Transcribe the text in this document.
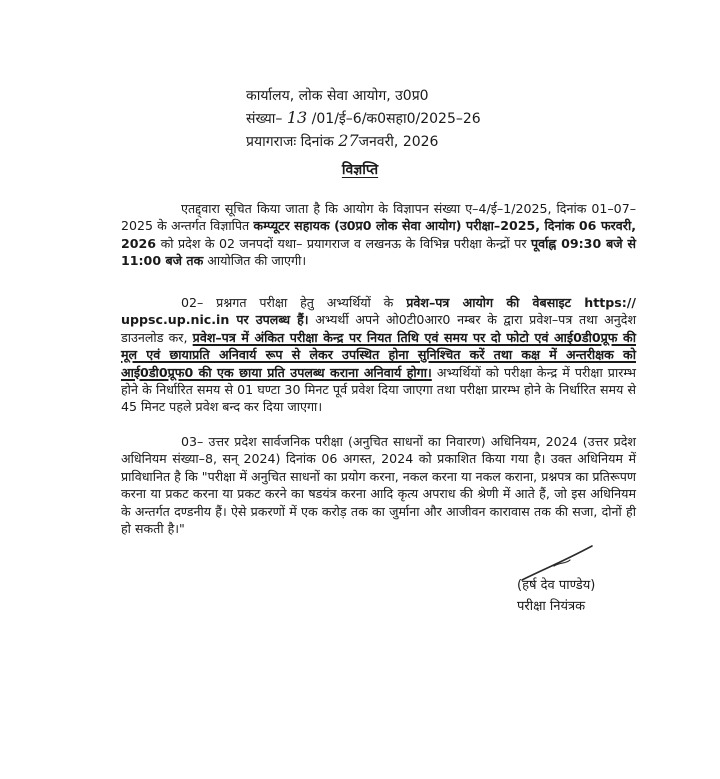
कार्यालय, लोक सेवा आयोग, उ0प्र0
संख्या– 13 /01/ई–6/क0सहा0/2025–26
प्रयागराजः दिनांक 27जनवरी, 2026
विज्ञप्ति
एतद्द्वारा सूचित किया जाता है कि आयोग के विज्ञापन संख्या ए–4/ई–1/2025, दिनांक 01–07–2025 के अन्तर्गत विज्ञापित कम्प्यूटर सहायक (उ0प्र0 लोक सेवा आयोग) परीक्षा–2025, दिनांक 06 फरवरी, 2026 को प्रदेश के 02 जनपदों यथा– प्रयागराज व लखनऊ के विभिन्न परीक्षा केन्द्रों पर पूर्वाह्न 09:30 बजे से 11:00 बजे तक आयोजित की जाएगी।
02– प्रश्नगत परीक्षा हेतु अभ्यर्थियों के प्रवेश–पत्र आयोग की वेबसाइट https:// uppsc.up.nic.in पर उपलब्ध हैं। अभ्यर्थी अपने ओ0टी0आर0 नम्बर के द्वारा प्रवेश–पत्र तथा अनुदेश डाउनलोड कर, प्रवेश–पत्र में अंकित परीक्षा केन्द्र पर नियत तिथि एवं समय पर दो फोटो एवं आई0डी0प्रूफ की मूल एवं छायाप्रति अनिवार्य रूप से लेकर उपस्थित होना सुनिश्चित करें तथा कक्ष में अन्तरीक्षक को आई0डी0प्रूफ0 की एक छाया प्रति उपलब्ध कराना अनिवार्य होगा। अभ्यर्थियों को परीक्षा केन्द्र में परीक्षा प्रारम्भ होने के निर्धारित समय से 01 घण्टा 30 मिनट पूर्व प्रवेश दिया जाएगा तथा परीक्षा प्रारम्भ होने के निर्धारित समय से 45 मिनट पहले प्रवेश बन्द कर दिया जाएगा।
03– उत्तर प्रदेश सार्वजनिक परीक्षा (अनुचित साधनों का निवारण) अधिनियम, 2024 (उत्तर प्रदेश अधिनियम संख्या–8, सन् 2024) दिनांक 06 अगस्त, 2024 को प्रकाशित किया गया है। उक्त अधिनियम में प्राविधानित है कि "परीक्षा में अनुचित साधनों का प्रयोग करना, नकल करना या नकल कराना, प्रश्नपत्र का प्रतिरूपण करना या प्रकट करना या प्रकट करने का षडयंत्र करना आदि कृत्य अपराध की श्रेणी में आते हैं, जो इस अधिनियम के अन्तर्गत दण्डनीय हैं। ऐसे प्रकरणों में एक करोड़ तक का जुर्माना और आजीवन कारावास तक की सजा, दोनों ही हो सकती है।"
(हर्ष देव पाण्डेय)
परीक्षा नियंत्रक
